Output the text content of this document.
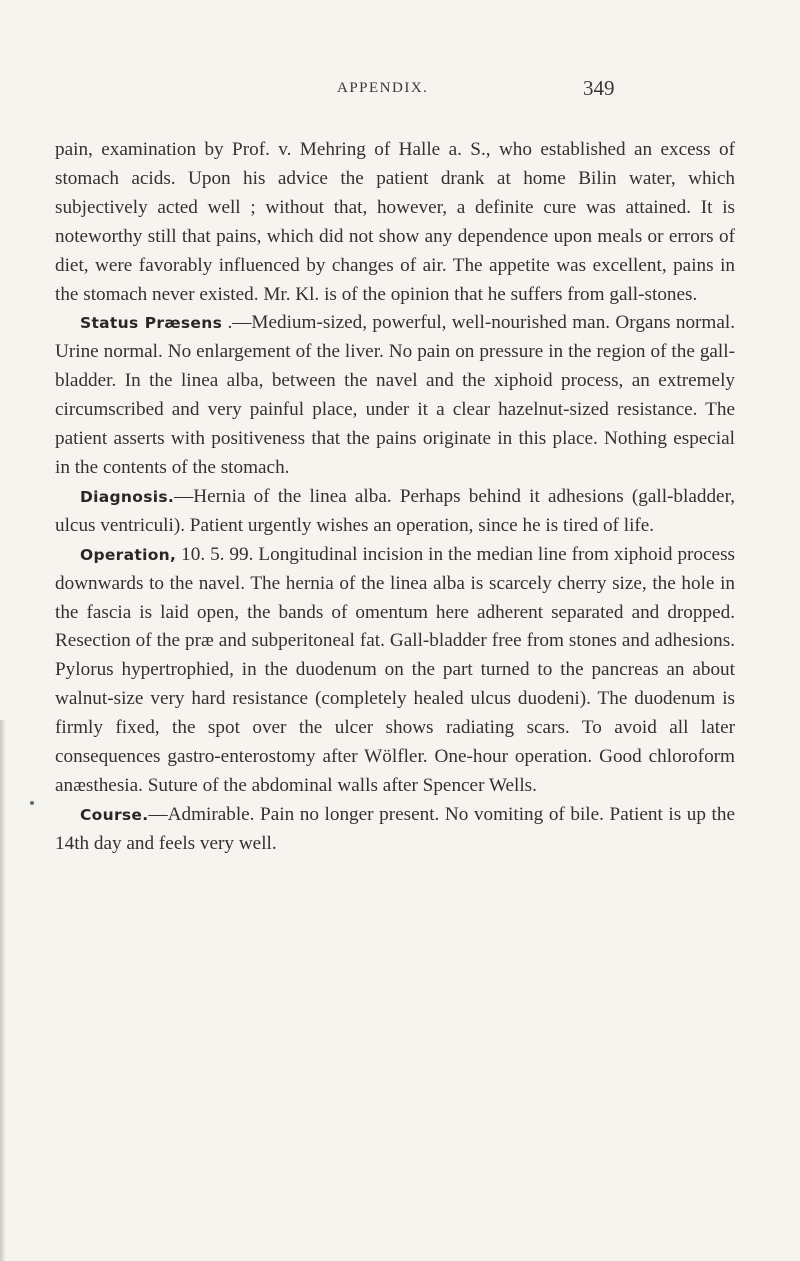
APPENDIX.	349

pain, examination by Prof. v. Mehring of Halle a. S., who established an excess of stomach acids. Upon his advice the patient drank at home Bilin water, which subjectively acted well ; without that, however, a definite cure was attained. It is noteworthy still that pains, which did not show any dependence upon meals or errors of diet, were favorably influenced by changes of air. The appetite was excellent, pains in the stomach never existed. Mr. Kl. is of the opinion that he suffers from gall-stones.

Status Præsens .—Medium-sized, powerful, well-nourished man. Organs normal. Urine normal. No enlargement of the liver. No pain on pressure in the region of the gall-bladder. In the linea alba, between the navel and the xiphoid process, an extremely circumscribed and very painful place, under it a clear hazelnut-sized resistance. The patient asserts with positiveness that the pains originate in this place. Nothing especial in the contents of the stomach.

Diagnosis.—Hernia of the linea alba. Perhaps behind it adhesions (gall-bladder, ulcus ventriculi). Patient urgently wishes an operation, since he is tired of life.

Operation, 10. 5. 99. Longitudinal incision in the median line from xiphoid process downwards to the navel. The hernia of the linea alba is scarcely cherry size, the hole in the fascia is laid open, the bands of omentum here adherent separated and dropped. Resection of the præ and subperitoneal fat. Gall-bladder free from stones and adhesions. Pylorus hypertrophied, in the duodenum on the part turned to the pancreas an about walnut-size very hard resistance (completely healed ulcus duodeni). The duodenum is firmly fixed, the spot over the ulcer shows radiating scars. To avoid all later consequences gastro-enterostomy after Wölfler. One-hour operation. Good chloroform anæsthesia. Suture of the abdominal walls after Spencer Wells.

Course.—Admirable. Pain no longer present. No vomiting of bile. Patient is up the 14th day and feels very well.
